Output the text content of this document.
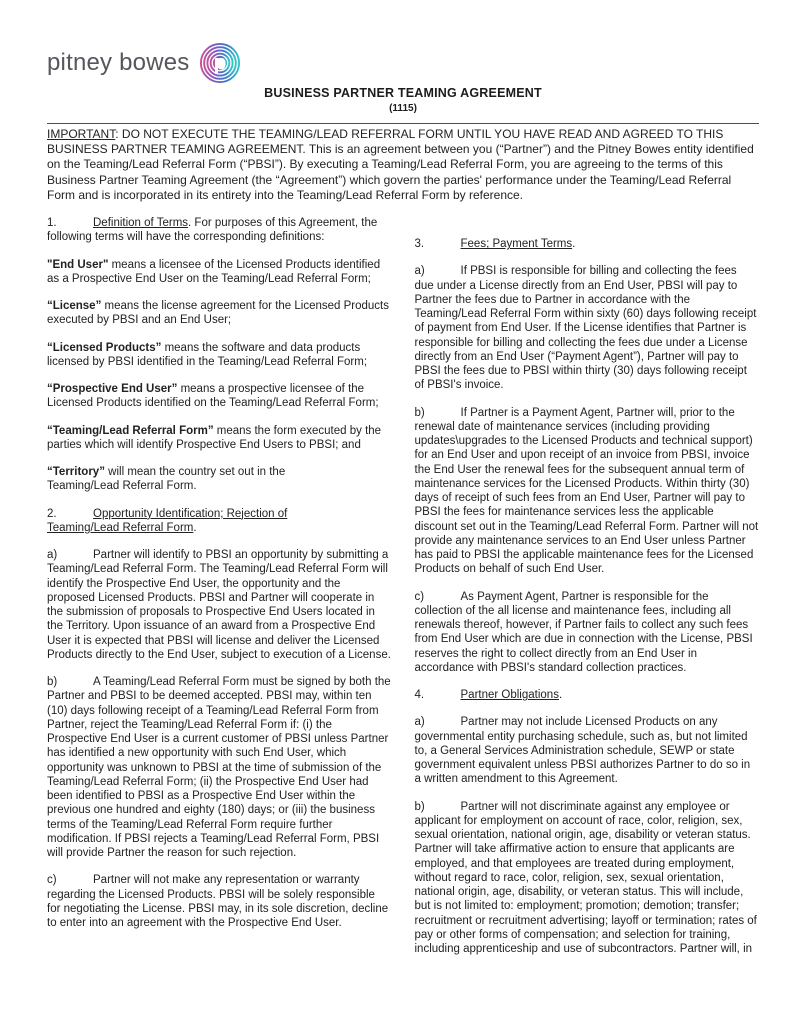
pitney bowes p
BUSINESS PARTNER TEAMING AGREEMENT
(1115)

IMPORTANT: DO NOT EXECUTE THE TEAMING/LEAD REFERRAL FORM UNTIL YOU HAVE READ AND AGREED TO THIS BUSINESS PARTNER TEAMING AGREEMENT. This is an agreement between you (“Partner”) and the Pitney Bowes entity identified on the Teaming/Lead Referral Form (“PBSI”). By executing a Teaming/Lead Referral Form, you are agreeing to the terms of this Business Partner Teaming Agreement (the “Agreement”) which govern the parties' performance under the Teaming/Lead Referral Form and is incorporated in its entirety into the Teaming/Lead Referral Form by reference.

1.	Definition of Terms. For purposes of this Agreement, the following terms will have the corresponding definitions:

"End User" means a licensee of the Licensed Products identified as a Prospective End User on the Teaming/Lead Referral Form;

“License” means the license agreement for the Licensed Products executed by PBSI and an End User;

“Licensed Products” means the software and data products licensed by PBSI identified in the Teaming/Lead Referral Form;

“Prospective End User” means a prospective licensee of the Licensed Products identified on the Teaming/Lead Referral Form;

“Teaming/Lead Referral Form” means the form executed by the parties which will identify Prospective End Users to PBSI; and

“Territory” will mean the country set out in the
Teaming/Lead Referral Form.

2.	Opportunity Identification; Rejection of
Teaming/Lead Referral Form.

a)	Partner will identify to PBSI an opportunity by submitting a Teaming/Lead Referral Form. The Teaming/Lead Referral Form will identify the Prospective End User, the opportunity and the proposed Licensed Products. PBSI and Partner will cooperate in the submission of proposals to Prospective End Users located in the Territory. Upon issuance of an award from a Prospective End User it is expected that PBSI will license and deliver the Licensed Products directly to the End User, subject to execution of a License.

b)	A Teaming/Lead Referral Form must be signed by both the Partner and PBSI to be deemed accepted. PBSI may, within ten (10) days following receipt of a Teaming/Lead Referral Form from Partner, reject the Teaming/Lead Referral Form if: (i) the Prospective End User is a current customer of PBSI unless Partner has identified a new opportunity with such End User, which opportunity was unknown to PBSI at the time of submission of the Teaming/Lead Referral Form; (ii) the Prospective End User had been identified to PBSI as a Prospective End User within the previous one hundred and eighty (180) days; or (iii) the business terms of the Teaming/Lead Referral Form require further modification. If PBSI rejects a Teaming/Lead Referral Form, PBSI will provide Partner the reason for such rejection.

c)	Partner will not make any representation or warranty regarding the Licensed Products. PBSI will be solely responsible for negotiating the License. PBSI may, in its sole discretion, decline to enter into an agreement with the Prospective End User.

3.	Fees; Payment Terms.

a)	If PBSI is responsible for billing and collecting the fees due under a License directly from an End User, PBSI will pay to Partner the fees due to Partner in accordance with the Teaming/Lead Referral Form within sixty (60) days following receipt of payment from End User. If the License identifies that Partner is responsible for billing and collecting the fees due under a License directly from an End User (“Payment Agent”), Partner will pay to PBSI the fees due to PBSI within thirty (30) days following receipt of PBSI's invoice.

b)	If Partner is a Payment Agent, Partner will, prior to the renewal date of maintenance services (including providing updates\upgrades to the Licensed Products and technical support) for an End User and upon receipt of an invoice from PBSI, invoice the End User the renewal fees for the subsequent annual term of maintenance services for the Licensed Products. Within thirty (30) days of receipt of such fees from an End User, Partner will pay to PBSI the fees for maintenance services less the applicable discount set out in the Teaming/Lead Referral Form. Partner will not provide any maintenance services to an End User unless Partner has paid to PBSI the applicable maintenance fees for the Licensed Products on behalf of such End User.

c)	As Payment Agent, Partner is responsible for the collection of the all license and maintenance fees, including all renewals thereof, however, if Partner fails to collect any such fees from End User which are due in connection with the License, PBSI reserves the right to collect directly from an End User in accordance with PBSI's standard collection practices.

4.	Partner Obligations.

a)	Partner may not include Licensed Products on any governmental entity purchasing schedule, such as, but not limited to, a General Services Administration schedule, SEWP or state government equivalent unless PBSI authorizes Partner to do so in a written amendment to this Agreement.

b)	Partner will not discriminate against any employee or applicant for employment on account of race, color, religion, sex, sexual orientation, national origin, age, disability or veteran status. Partner will take affirmative action to ensure that applicants are employed, and that employees are treated during employment, without regard to race, color, religion, sex, sexual orientation, national origin, age, disability, or veteran status. This will include, but is not limited to: employment; promotion; demotion; transfer; recruitment or recruitment advertising; layoff or termination; rates of pay or other forms of compensation; and selection for training, including apprenticeship and use of subcontractors. Partner will, in
